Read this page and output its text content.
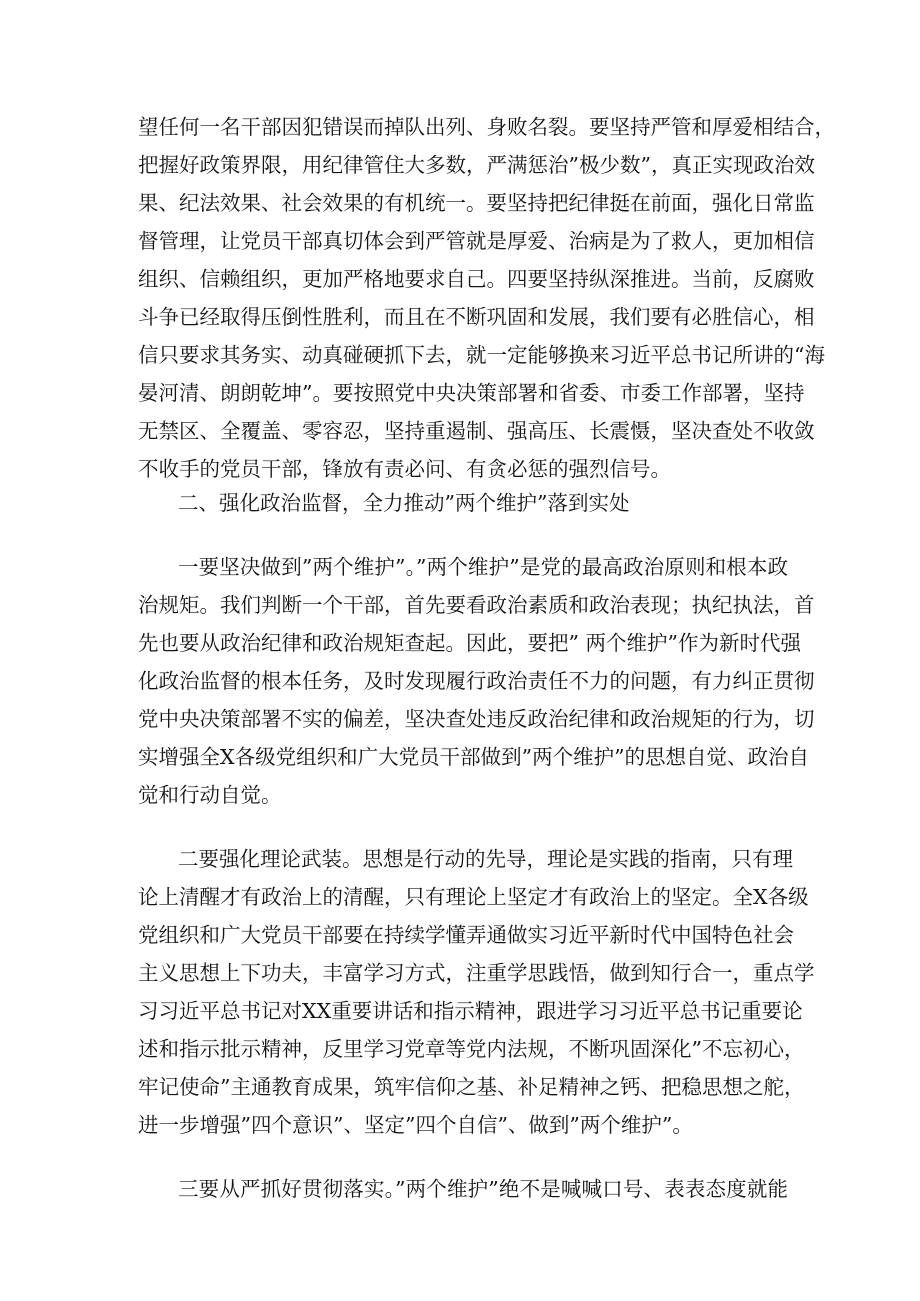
望任何一名干部因犯错误而掉队出列、身败名裂。要坚持严管和厚爱相结合，
把握好政策界限，用纪律管住大多数，严满惩治”极少数”，真正实现政治效
果、纪法效果、社会效果的有机统一。要坚持把纪律挺在前面，强化日常监
督管理，让党员干部真切体会到严管就是厚爱、治病是为了救人，更加相信
组织、信赖组织，更加严格地要求自己。四要坚持纵深推进。当前，反腐败
斗争已经取得压倒性胜利，而且在不断巩固和发展，我们要有必胜信心，相
信只要求其务实、动真碰硬抓下去，就一定能够换来习近平总书记所讲的“海
晏河清、朗朗乾坤”。要按照党中央决策部署和省委、市委工作部署，坚持
无禁区、全覆盖、零容忍，坚持重遏制、强高压、长震慑，坚决查处不收敛
不收手的党员干部，锋放有责必问、有贪必惩的强烈信号。
二、强化政治监督，全力推动”两个维护”落到实处
一要坚决做到”两个维护”。”两个维护”是党的最高政治原则和根本政
治规矩。我们判断一个干部，首先要看政治素质和政治表现；执纪执法，首
先也要从政治纪律和政治规矩查起。因此，要把” 两个维护”作为新时代强
化政治监督的根本任务，及时发现履行政治责任不力的问题，有力纠正贯彻
党中央决策部署不实的偏差，坚决查处违反政治纪律和政治规矩的行为，切
实增强全X各级党组织和广大党员干部做到”两个维护”的思想自觉、政治自
觉和行动自觉。
二要强化理论武装。思想是行动的先导，理论是实践的指南，只有理
论上清醒才有政治上的清醒，只有理论上坚定才有政治上的坚定。全X各级
党组织和广大党员干部要在持续学懂弄通做实习近平新时代中国特色社会
主义思想上下功夫，丰富学习方式，注重学思践悟，做到知行合一，重点学
习习近平总书记对XX重要讲话和指示精神，跟进学习习近平总书记重要论
述和指示批示精神，反里学习党章等党内法规，不断巩固深化”不忘初心，
牢记使命”主通教育成果，筑牢信仰之基、补足精神之钙、把稳思想之舵，
进一步增强”四个意识”、坚定”四个自信”、做到”两个维护”。
三要从严抓好贯彻落实。”两个维护”绝不是喊喊口号、表表态度就能
